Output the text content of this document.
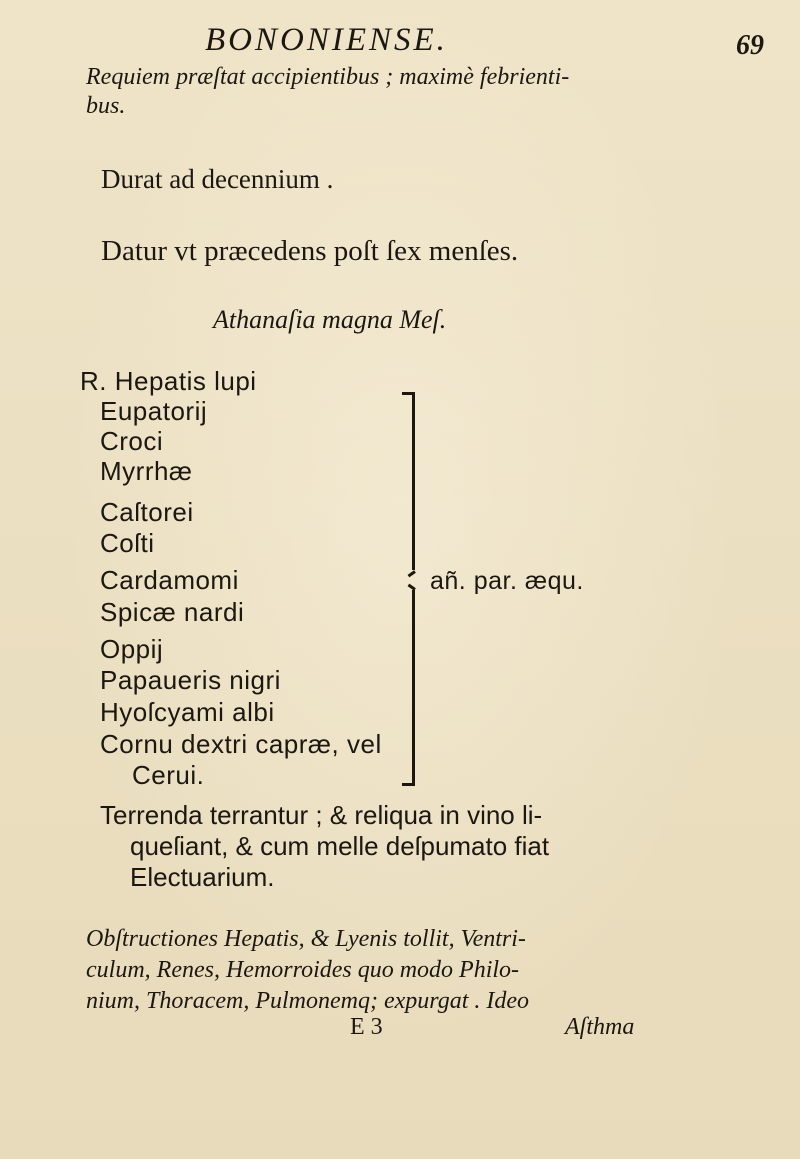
BONONIENSE.	69
Requiem præſtat accipientibus ; maximè febrienti-
bus.
Durat ad decennium .
Datur vt præcedens poſt ſex menſes.
Athanaſia magna Meſ.
R. Hepatis lupi
Eupatorij
Croci
Myrrhæ
Caſtorei
Coſti
Cardamomi
Spicæ nardi
Oppij
Papaueris nigri
Hyoſcyami albi
Cornu dextri capræ, vel
Cerui.
añ. par. æqu.
Terrenda terrantur ; & reliqua in vino li-
queſiant, & cum melle deſpumato fiat
Electuarium.
Obſtructiones Hepatis, & Lyenis tollit, Ventri-
culum, Renes, Hemorroides quo modo Philo-
nium, Thoracem, Pulmonemq; expurgat . Ideo
E 3	Aſthma
